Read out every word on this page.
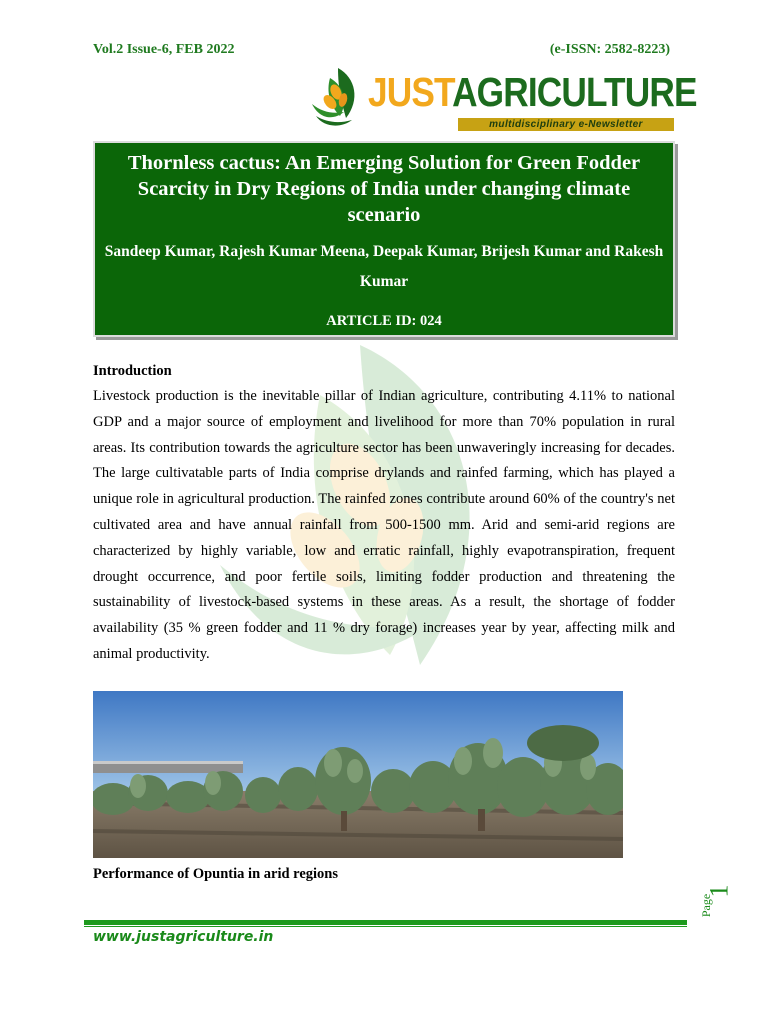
Vol.2 Issue-6, FEB 2022	(e-ISSN: 2582-8223)
JUSTAGRICULTURE
multidisciplinary e-Newsletter
Thornless cactus: An Emerging Solution for Green Fodder Scarcity in Dry Regions of India under changing climate scenario
Sandeep Kumar, Rajesh Kumar Meena, Deepak Kumar, Brijesh Kumar and Rakesh Kumar
ARTICLE ID: 024
Introduction
Livestock production is the inevitable pillar of Indian agriculture, contributing 4.11% to national GDP and a major source of employment and livelihood for more than 70% population in rural areas. Its contribution towards the agriculture sector has been unwaveringly increasing for decades. The large cultivatable parts of India comprise drylands and rainfed farming, which has played a unique role in agricultural production. The rainfed zones contribute around 60% of the country's net cultivated area and have annual rainfall from 500-1500 mm. Arid and semi-arid regions are characterized by highly variable, low and erratic rainfall, highly evapotranspiration, frequent drought occurrence, and poor fertile soils, limiting fodder production and threatening the sustainability of livestock-based systems in these areas. As a result, the shortage of fodder availability (35 % green fodder and 11 % dry forage) increases year by year, affecting milk and animal productivity.
Performance of Opuntia in arid regions
www.justagriculture.in
Page
1
